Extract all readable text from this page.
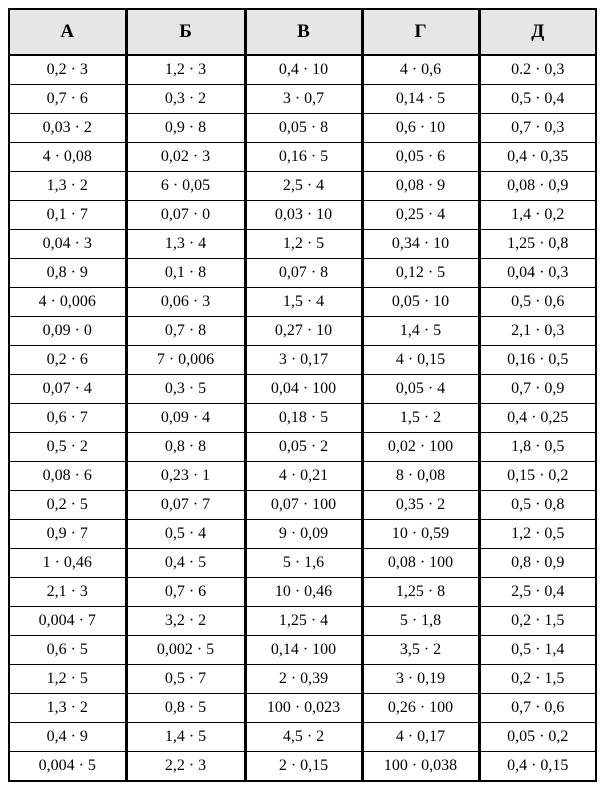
А	Б	В	Г	Д
0,2 · 3	1,2 · 3	0,4 · 10	4 · 0,6	0.2 · 0,3
0,7 · 6	0,3 · 2	3 · 0,7	0,14 · 5	0,5 · 0,4
0,03 · 2	0,9 · 8	0,05 · 8	0,6 · 10	0,7 · 0,3
4 · 0,08	0,02 · 3	0,16 · 5	0,05 · 6	0,4 · 0,35
1,3 · 2	6 · 0,05	2,5 · 4	0,08 · 9	0,08 · 0,9
0,1 · 7	0,07 · 0	0,03 · 10	0,25 · 4	1,4 · 0,2
0,04 · 3	1,3 · 4	1,2 · 5	0,34 · 10	1,25 · 0,8
0,8 · 9	0,1 · 8	0,07 · 8	0,12 · 5	0,04 · 0,3
4 · 0,006	0,06 · 3	1,5 · 4	0,05 · 10	0,5 · 0,6
0,09 · 0	0,7 · 8	0,27 · 10	1,4 · 5	2,1 · 0,3
0,2 · 6	7 · 0,006	3 · 0,17	4 · 0,15	0,16 · 0,5
0,07 · 4	0,3 · 5	0,04 · 100	0,05 · 4	0,7 · 0,9
0,6 · 7	0,09 · 4	0,18 · 5	1,5 · 2	0,4 · 0,25
0,5 · 2	0,8 · 8	0,05 · 2	0,02 · 100	1,8 · 0,5
0,08 · 6	0,23 · 1	4 · 0,21	8 · 0,08	0,15 · 0,2
0,2 · 5	0,07 · 7	0,07 · 100	0,35 · 2	0,5 · 0,8
0,9 · 7	0,5 · 4	9 · 0,09	10 · 0,59	1,2 · 0,5
1 · 0,46	0,4 · 5	5 · 1,6	0,08 · 100	0,8 · 0,9
2,1 · 3	0,7 · 6	10 · 0,46	1,25 · 8	2,5 · 0,4
0,004 · 7	3,2 · 2	1,25 · 4	5 · 1,8	0,2 · 1,5
0,6 · 5	0,002 · 5	0,14 · 100	3,5 · 2	0,5 · 1,4
1,2 · 5	0,5 · 7	2 · 0,39	3 · 0,19	0,2 · 1,5
1,3 · 2	0,8 · 5	100 · 0,023	0,26 · 100	0,7 · 0,6
0,4 · 9	1,4 · 5	4,5 · 2	4 · 0,17	0,05 · 0,2
0,004 · 5	2,2 · 3	2 · 0,15	100 · 0,038	0,4 · 0,15
